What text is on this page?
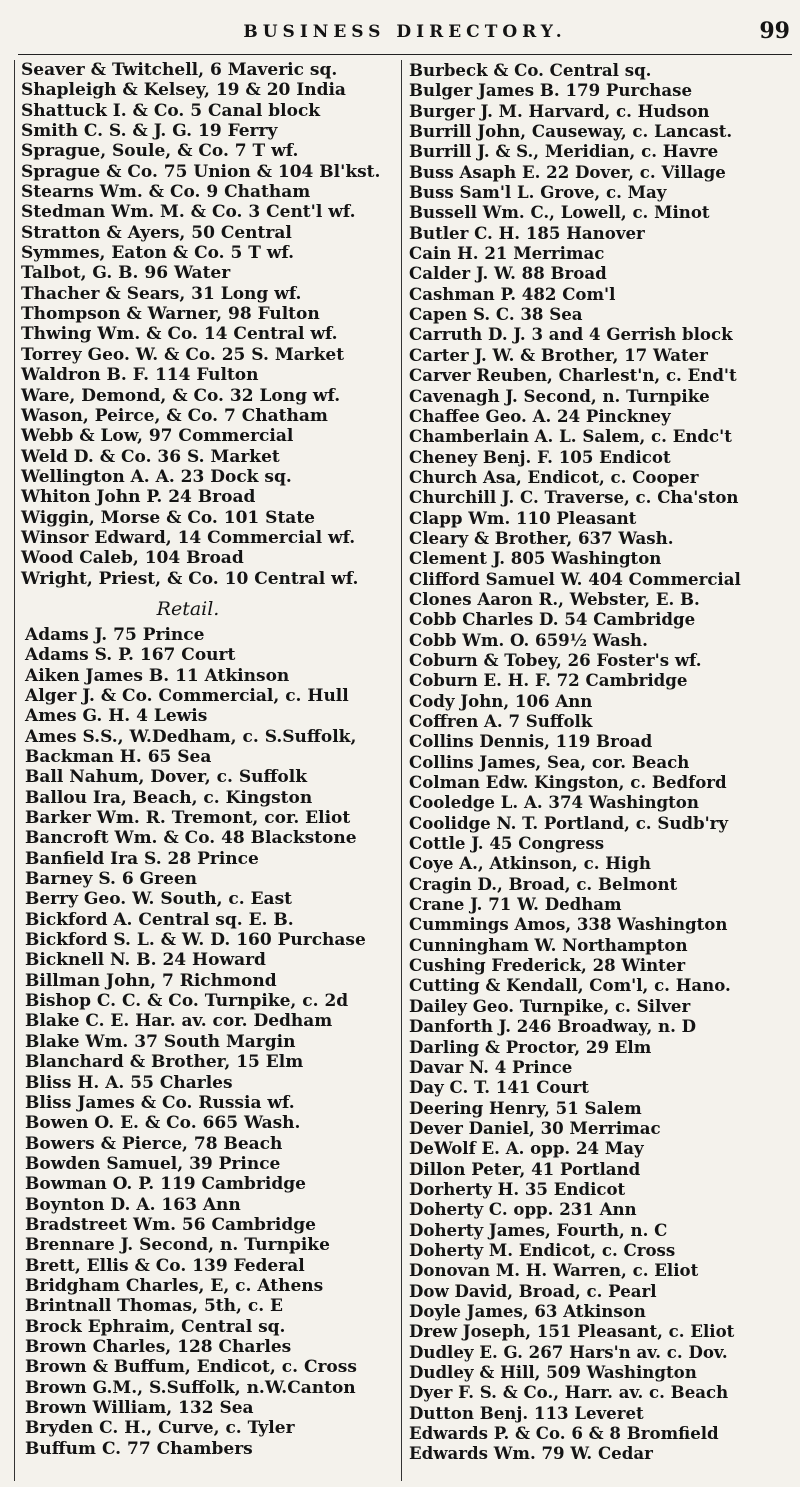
BUSINESS DIRECTORY.	99
Seaver & Twitchell, 6 Maveric sq.
Shapleigh & Kelsey, 19 & 20 India
Shattuck I. & Co. 5 Canal block
Smith C. S. & J. G. 19 Ferry
Sprague, Soule, & Co. 7 T wf.
Sprague & Co. 75 Union & 104 Bl'kst.
Stearns Wm. & Co. 9 Chatham
Stedman Wm. M. & Co. 3 Cent'l wf.
Stratton & Ayers, 50 Central
Symmes, Eaton & Co. 5 T wf.
Talbot, G. B. 96 Water
Thacher & Sears, 31 Long wf.
Thompson & Warner, 98 Fulton
Thwing Wm. & Co. 14 Central wf.
Torrey Geo. W. & Co. 25 S. Market
Waldron B. F. 114 Fulton
Ware, Demond, & Co. 32 Long wf.
Wason, Peirce, & Co. 7 Chatham
Webb & Low, 97 Commercial
Weld D. & Co. 36 S. Market
Wellington A. A. 23 Dock sq.
Whiton John P. 24 Broad
Wiggin, Morse & Co. 101 State
Winsor Edward, 14 Commercial wf.
Wood Caleb, 104 Broad
Wright, Priest, & Co. 10 Central wf.
Retail.
Adams J. 75 Prince
Adams S. P. 167 Court
Aiken James B. 11 Atkinson
Alger J. & Co. Commercial, c. Hull
Ames G. H. 4 Lewis
Ames S.S., W.Dedham, c. S.Suffolk,
Backman H. 65 Sea
Ball Nahum, Dover, c. Suffolk
Ballou Ira, Beach, c. Kingston
Barker Wm. R. Tremont, cor. Eliot
Bancroft Wm. & Co. 48 Blackstone
Banfield Ira S. 28 Prince
Barney S. 6 Green
Berry Geo. W. South, c. East
Bickford A. Central sq. E. B.
Bickford S. L. & W. D. 160 Purchase
Bicknell N. B. 24 Howard
Billman John, 7 Richmond
Bishop C. C. & Co. Turnpike, c. 2d
Blake C. E. Har. av. cor. Dedham
Blake Wm. 37 South Margin
Blanchard & Brother, 15 Elm
Bliss H. A. 55 Charles
Bliss James & Co. Russia wf.
Bowen O. E. & Co. 665 Wash.
Bowers & Pierce, 78 Beach
Bowden Samuel, 39 Prince
Bowman O. P. 119 Cambridge
Boynton D. A. 163 Ann
Bradstreet Wm. 56 Cambridge
Brennare J. Second, n. Turnpike
Brett, Ellis & Co. 139 Federal
Bridgham Charles, E, c. Athens
Brintnall Thomas, 5th, c. E
Brock Ephraim, Central sq.
Brown Charles, 128 Charles
Brown & Buffum, Endicot, c. Cross
Brown G.M., S.Suffolk, n.W.Canton
Brown William, 132 Sea
Bryden C. H., Curve, c. Tyler
Buffum C. 77 Chambers
Burbeck & Co. Central sq.
Bulger James B. 179 Purchase
Burger J. M. Harvard, c. Hudson
Burrill John, Causeway, c. Lancast.
Burrill J. & S., Meridian, c. Havre
Buss Asaph E. 22 Dover, c. Village
Buss Sam'l L. Grove, c. May
Bussell Wm. C., Lowell, c. Minot
Butler C. H. 185 Hanover
Cain H. 21 Merrimac
Calder J. W. 88 Broad
Cashman P. 482 Com'l
Capen S. C. 38 Sea
Carruth D. J. 3 and 4 Gerrish block
Carter J. W. & Brother, 17 Water
Carver Reuben, Charlest'n, c. End't
Cavenagh J. Second, n. Turnpike
Chaffee Geo. A. 24 Pinckney
Chamberlain A. L. Salem, c. Endc't
Cheney Benj. F. 105 Endicot
Church Asa, Endicot, c. Cooper
Churchill J. C. Traverse, c. Cha'ston
Clapp Wm. 110 Pleasant
Cleary & Brother, 637 Wash.
Clement J. 805 Washington
Clifford Samuel W. 404 Commercial
Clones Aaron R., Webster, E. B.
Cobb Charles D. 54 Cambridge
Cobb Wm. O. 659½ Wash.
Coburn & Tobey, 26 Foster's wf.
Coburn E. H. F. 72 Cambridge
Cody John, 106 Ann
Coffren A. 7 Suffolk
Collins Dennis, 119 Broad
Collins James, Sea, cor. Beach
Colman Edw. Kingston, c. Bedford
Cooledge L. A. 374 Washington
Coolidge N. T. Portland, c. Sudb'ry
Cottle J. 45 Congress
Coye A., Atkinson, c. High
Cragin D., Broad, c. Belmont
Crane J. 71 W. Dedham
Cummings Amos, 338 Washington
Cunningham W. Northampton
Cushing Frederick, 28 Winter
Cutting & Kendall, Com'l, c. Hano.
Dailey Geo. Turnpike, c. Silver
Danforth J. 246 Broadway, n. D
Darling & Proctor, 29 Elm
Davar N. 4 Prince
Day C. T. 141 Court
Deering Henry, 51 Salem
Dever Daniel, 30 Merrimac
DeWolf E. A. opp. 24 May
Dillon Peter, 41 Portland
Dorherty H. 35 Endicot
Doherty C. opp. 231 Ann
Doherty James, Fourth, n. C
Doherty M. Endicot, c. Cross
Donovan M. H. Warren, c. Eliot
Dow David, Broad, c. Pearl
Doyle James, 63 Atkinson
Drew Joseph, 151 Pleasant, c. Eliot
Dudley E. G. 267 Hars'n av. c. Dov.
Dudley & Hill, 509 Washington
Dyer F. S. & Co., Harr. av. c. Beach
Dutton Benj. 113 Leveret
Edwards P. & Co. 6 & 8 Bromfield
Edwards Wm. 79 W. Cedar
